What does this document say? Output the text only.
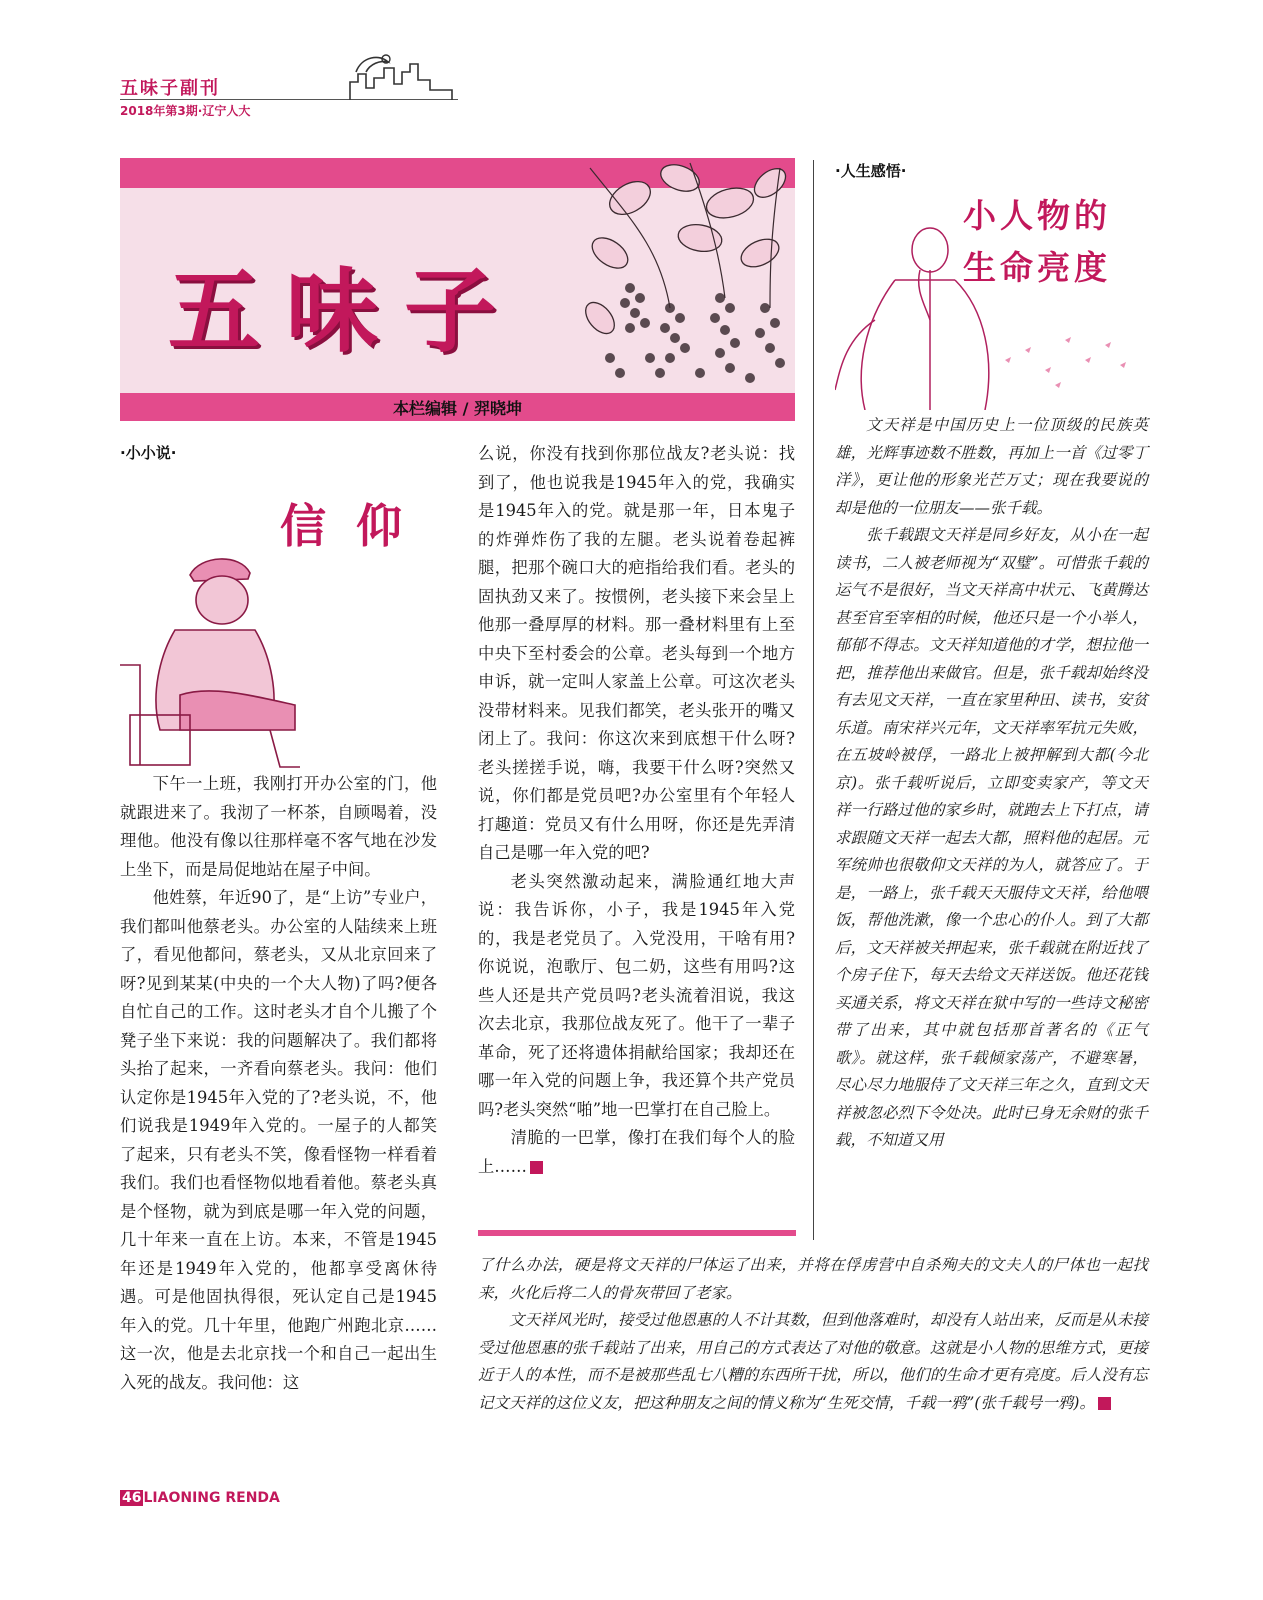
五味子副刊
2018年第3期·辽宁人大
五味子
本栏编辑 / 羿晓坤
·小小说·
信仰

下午一上班，我刚打开办公室的门，他就跟进来了。我沏了一杯茶，自顾喝着，没理他。他没有像以往那样毫不客气地在沙发上坐下，而是局促地站在屋子中间。

他姓蔡，年近90了，是“上访”专业户，我们都叫他蔡老头。办公室的人陆续来上班了，看见他都问，蔡老头，又从北京回来了呀?见到某某(中央的一个大人物)了吗?便各自忙自己的工作。这时老头才自个儿搬了个凳子坐下来说：我的问题解决了。我们都将头抬了起来，一齐看向蔡老头。我问：他们认定你是1945年入党的了?老头说，不，他们说我是1949年入党的。一屋子的人都笑了起来，只有老头不笑，像看怪物一样看着我们。我们也看怪物似地看着他。蔡老头真是个怪物，就为到底是哪一年入党的问题，几十年来一直在上访。本来，不管是1945年还是1949年入党的，他都享受离休待遇。可是他固执得很，死认定自己是1945年入的党。几十年里，他跑广州跑北京……这一次，他是去北京找一个和自己一起出生入死的战友。我问他：这

么说，你没有找到你那位战友?老头说：找到了，他也说我是1945年入的党，我确实是1945年入的党。就是那一年，日本鬼子的炸弹炸伤了我的左腿。老头说着卷起裤腿，把那个碗口大的疤指给我们看。老头的固执劲又来了。按惯例，老头接下来会呈上他那一叠厚厚的材料。那一叠材料里有上至中央下至村委会的公章。老头每到一个地方申诉，就一定叫人家盖上公章。可这次老头没带材料来。见我们都笑，老头张开的嘴又闭上了。我问：你这次来到底想干什么呀?老头搓搓手说，嗨，我要干什么呀?突然又说，你们都是党员吧?办公室里有个年轻人打趣道：党员又有什么用呀，你还是先弄清自己是哪一年入党的吧?

老头突然激动起来，满脸通红地大声说：我告诉你，小子，我是1945年入党的，我是老党员了。入党没用，干啥有用?你说说，泡歌厅、包二奶，这些有用吗?这些人还是共产党员吗?老头流着泪说，我这次去北京，我那位战友死了。他干了一辈子革命，死了还将遗体捐献给国家；我却还在哪一年入党的问题上争，我还算个共产党员吗?老头突然“啪”地一巴掌打在自己脸上。

清脆的一巴掌，像打在我们每个人的脸上……

·人生感悟·
小人物的
生命亮度

文天祥是中国历史上一位顶级的民族英雄，光辉事迹数不胜数，再加上一首《过零丁洋》，更让他的形象光芒万丈；现在我要说的却是他的一位朋友——张千载。

张千载跟文天祥是同乡好友，从小在一起读书，二人被老师视为“双璧”。可惜张千载的运气不是很好，当文天祥高中状元、飞黄腾达甚至官至宰相的时候，他还只是一个小举人，郁郁不得志。文天祥知道他的才学，想拉他一把，推荐他出来做官。但是，张千载却始终没有去见文天祥，一直在家里种田、读书，安贫乐道。南宋祥兴元年，文天祥率军抗元失败，在五坡岭被俘，一路北上被押解到大都(今北京)。张千载听说后，立即变卖家产，等文天祥一行路过他的家乡时，就跑去上下打点，请求跟随文天祥一起去大都，照料他的起居。元军统帅也很敬仰文天祥的为人，就答应了。于是，一路上，张千载天天服侍文天祥，给他喂饭，帮他洗漱，像一个忠心的仆人。到了大都后，文天祥被关押起来，张千载就在附近找了个房子住下，每天去给文天祥送饭。他还花钱买通关系，将文天祥在狱中写的一些诗文秘密带了出来，其中就包括那首著名的《正气歌》。就这样，张千载倾家荡产，不避寒暑，尽心尽力地服侍了文天祥三年之久，直到文天祥被忽必烈下令处决。此时已身无余财的张千载，不知道又用

了什么办法，硬是将文天祥的尸体运了出来，并将在俘虏营中自杀殉夫的文夫人的尸体也一起找来，火化后将二人的骨灰带回了老家。

文天祥风光时，接受过他恩惠的人不计其数，但到他落难时，却没有人站出来，反而是从未接受过他恩惠的张千载站了出来，用自己的方式表达了对他的敬意。这就是小人物的思维方式，更接近于人的本性，而不是被那些乱七八糟的东西所干扰，所以，他们的生命才更有亮度。后人没有忘记文天祥的这位义友，把这种朋友之间的情义称为“生死交情，千载一鸦”(张千载号一鸦)。

46 LIAONING RENDA
